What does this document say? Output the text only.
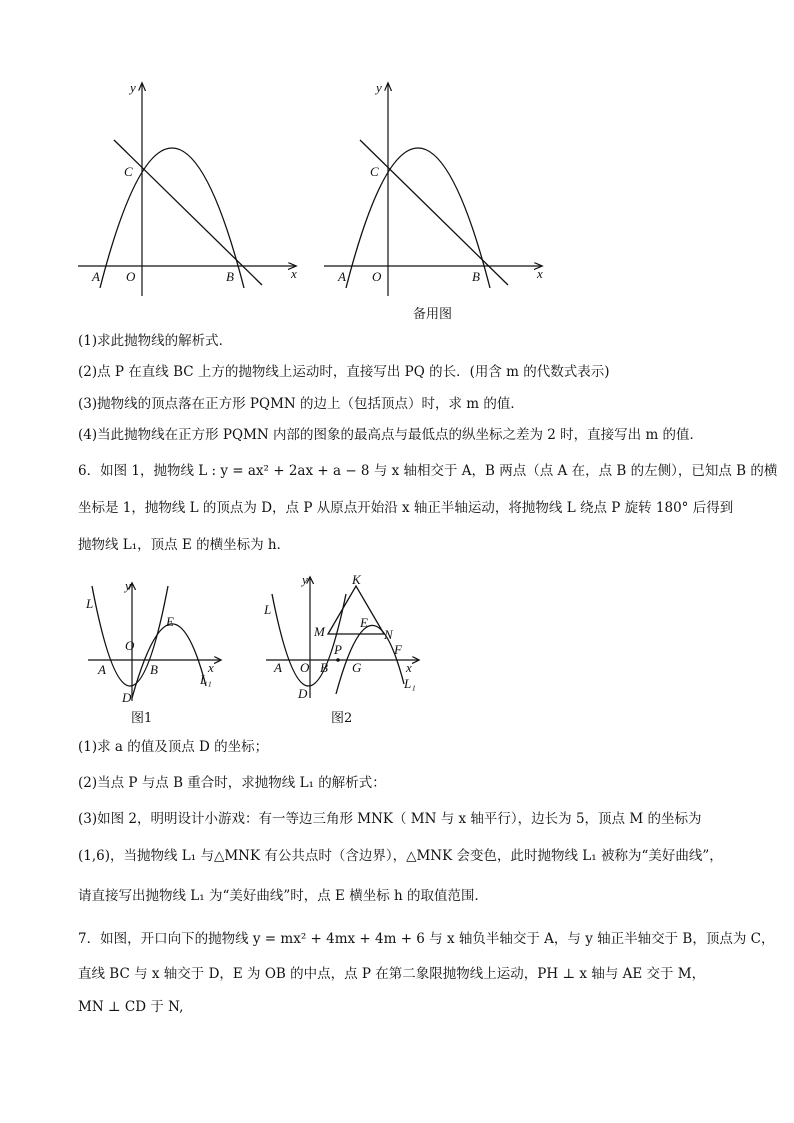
y
x
C
A O	B
y
x
C
A O	B
备用图
(1)求此抛物线的解析式．
(2)点 P 在直线 BC 上方的抛物线上运动时，直接写出 PQ 的长．(用含 m 的代数式表示)
(3)抛物线的顶点落在正方形 PQMN 的边上（包括顶点）时，求 m 的值．
(4)当此抛物线在正方形 PQMN 内部的图象的最高点与最低点的纵坐标之差为 2 时，直接写出 m 的值．
6．如图 1，抛物线 L : y = ax² + 2ax + a − 8 与 x 轴相交于 A，B 两点（点 A 在，点 B 的左侧），已知点 B 的横
坐标是 1，抛物线 L 的顶点为 D，点 P 从原点开始沿 x 轴正半轴运动，将抛物线 L 绕点 P 旋转 180° 后得到
抛物线 L₁，顶点 E 的横坐标为 h．
L
y
O
E
A	B	x
D
L₁
图1
L
y	K
M
E
N
F
A O B
P
G	x
D
L₁
图2
(1)求 a 的值及顶点 D 的坐标；
(2)当点 P 与点 B 重合时，求抛物线 L₁ 的解析式：
(3)如图 2，明明设计小游戏：有一等边三角形 MNK（ MN 与 x 轴平行），边长为 5，顶点 M 的坐标为
(1,6)，当抛物线 L₁ 与△MNK 有公共点时（含边界），△MNK 会变色，此时抛物线 L₁ 被称为“美好曲线”，
请直接写出抛物线 L₁ 为“美好曲线”时，点 E 横坐标 h 的取值范围．
7．如图，开口向下的抛物线 y = mx² + 4mx + 4m + 6 与 x 轴负半轴交于 A，与 y 轴正半轴交于 B，顶点为 C，
直线 BC 与 x 轴交于 D，E 为 OB 的中点，点 P 在第二象限抛物线上运动，PH ⊥ x 轴与 AE 交于 M，
MN ⊥ CD 于 N,
